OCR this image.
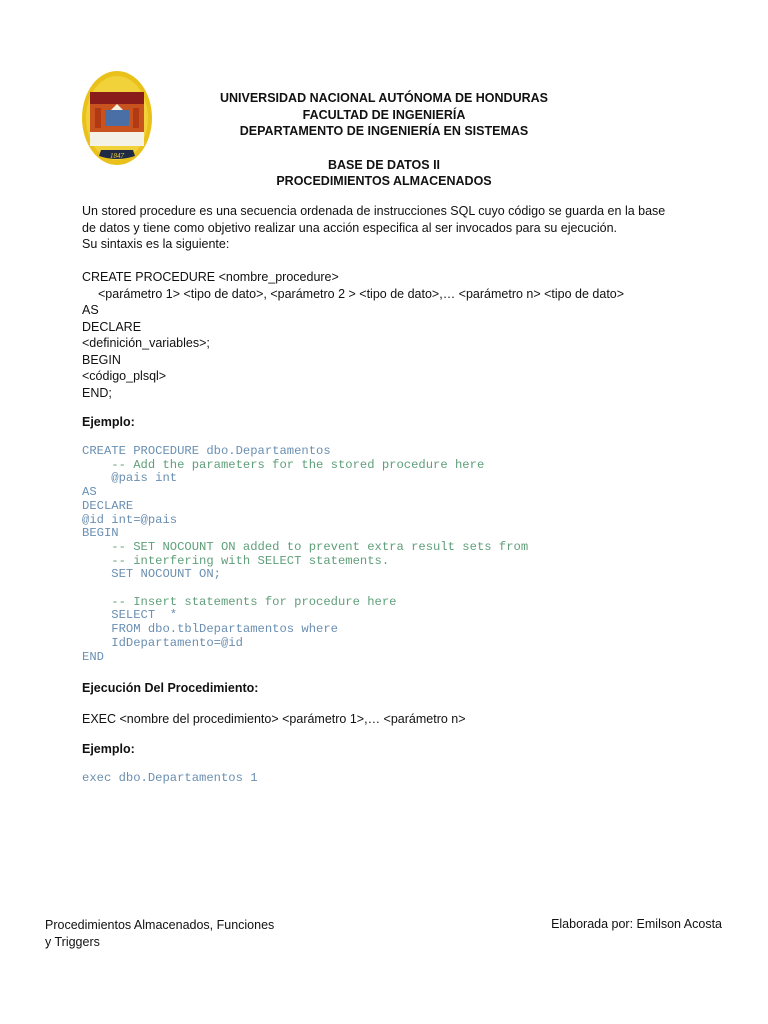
1847
UNIVERSIDAD NACIONAL AUTÓNOMA DE HONDURAS
FACULTAD DE INGENIERÍA
DEPARTAMENTO DE INGENIERÍA EN SISTEMAS
BASE DE DATOS II
PROCEDIMIENTOS ALMACENADOS
Un stored procedure es una secuencia ordenada de instrucciones SQL cuyo código se guarda en la base
de datos y tiene como objetivo realizar una acción especifica al ser invocados para su ejecución.
Su sintaxis es la siguiente:
CREATE PROCEDURE <nombre_procedure>
<parámetro 1> <tipo de dato>, <parámetro 2 > <tipo de dato>,… <parámetro n> <tipo de dato>
AS
DECLARE
<definición_variables>;
BEGIN
<código_plsql>
END;
Ejemplo:
CREATE PROCEDURE dbo.Departamentos
-- Add the parameters for the stored procedure here
@pais int
AS
DECLARE
@id int=@pais
BEGIN
-- SET NOCOUNT ON added to prevent extra result sets from
-- interfering with SELECT statements.
SET NOCOUNT ON;

-- Insert statements for procedure here
SELECT  *
FROM dbo.tblDepartamentos where
IdDepartamento=@id
END
Ejecución Del Procedimiento:
EXEC <nombre del procedimiento> <parámetro 1>,… <parámetro n>
Ejemplo:
exec dbo.Departamentos 1
Procedimientos Almacenados, Funciones
y Triggers
Elaborada por: Emilson Acosta
